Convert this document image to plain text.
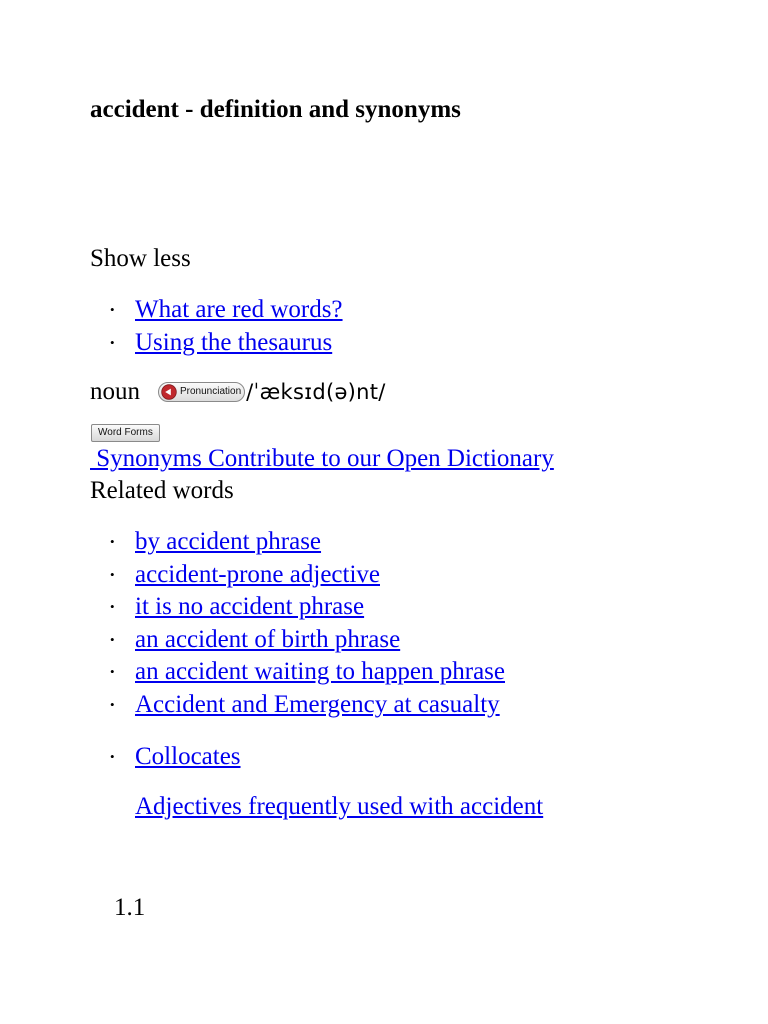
accident - definition and synonyms
Show less
• What are red words?
• Using the thesaurus
noun	Pronunciation /ˈæksɪd(ə)nt/
Word Forms
Synonyms Contribute to our Open Dictionary
Related words
• by accident phrase
• accident-prone adjective
• it is no accident phrase
• an accident of birth phrase
• an accident waiting to happen phrase
• Accident and Emergency at casualty
• Collocates
Adjectives frequently used with accident
1.1
